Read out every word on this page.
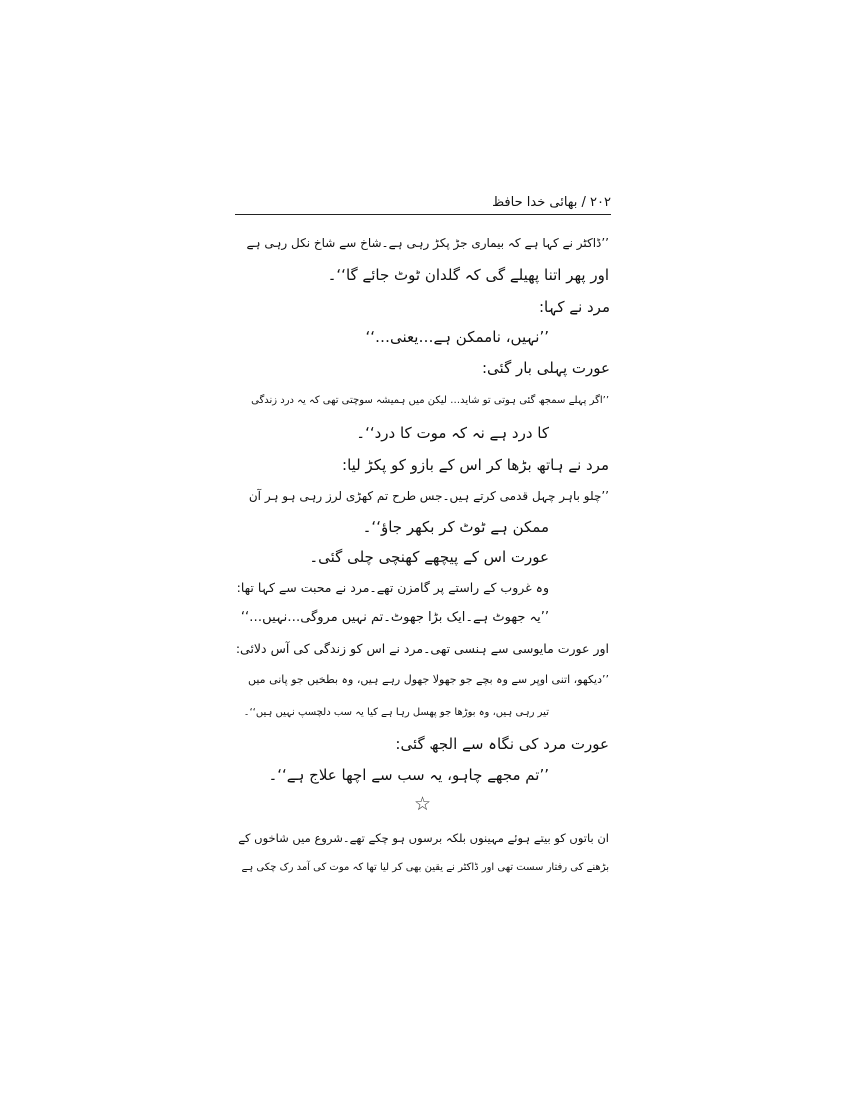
۲۰۲ / بھائی خدا حافظ
’’ڈاکٹر نے کہا ہے کہ بیماری جڑ پکڑ رہی ہے۔شاخ سے شاخ نکل رہی ہے
اور پھر اتنا پھیلے گی کہ گلدان ٹوٹ جائے گا‘‘۔
مرد نے کہا:
’’نہیں، ناممکن ہے…یعنی…‘‘
عورت پہلی بار گئی:
’’اگر پہلے سمجھ گئی ہوتی تو شاید… لیکن میں ہمیشہ سوچتی تھی کہ یہ درد زندگی
کا درد ہے نہ کہ موت کا درد‘‘۔
مرد نے ہاتھ بڑھا کر اس کے بازو کو پکڑ لیا:
’’چلو باہر چہل قدمی کرتے ہیں۔جس طرح تم کھڑی لرز رہی ہو ہر آن
ممکن ہے ٹوٹ کر بکھر جاؤ‘‘۔
عورت اس کے پیچھے کھنچی چلی گئی۔
وہ غروب کے راستے پر گامزن تھے۔مرد نے محبت سے کہا تھا:
’’یہ جھوٹ ہے۔ایک بڑا جھوٹ۔تم نہیں مروگی…نہیں…‘‘
اور عورت مایوسی سے ہنسی تھی۔مرد نے اس کو زندگی کی آس دلائی:
’’دیکھو، اتنی اوپر سے وہ بچے جو جھولا جھول رہے ہیں، وہ بطخیں جو پانی میں
تیر رہی ہیں، وہ بوڑھا جو پھسل رہا ہے کیا یہ سب دلچسپ نہیں ہیں‘‘۔
عورت مرد کی نگاہ سے الجھ گئی:
’’تم مجھے چاہو، یہ سب سے اچھا علاج ہے‘‘۔
ان باتوں کو بیتے ہوئے مہینوں بلکہ برسوں ہو چکے تھے۔شروع میں شاخوں کے
بڑھنے کی رفتار سست تھی اور ڈاکٹر نے یقین بھی کر لیا تھا کہ موت کی آمد رک چکی ہے
☆
